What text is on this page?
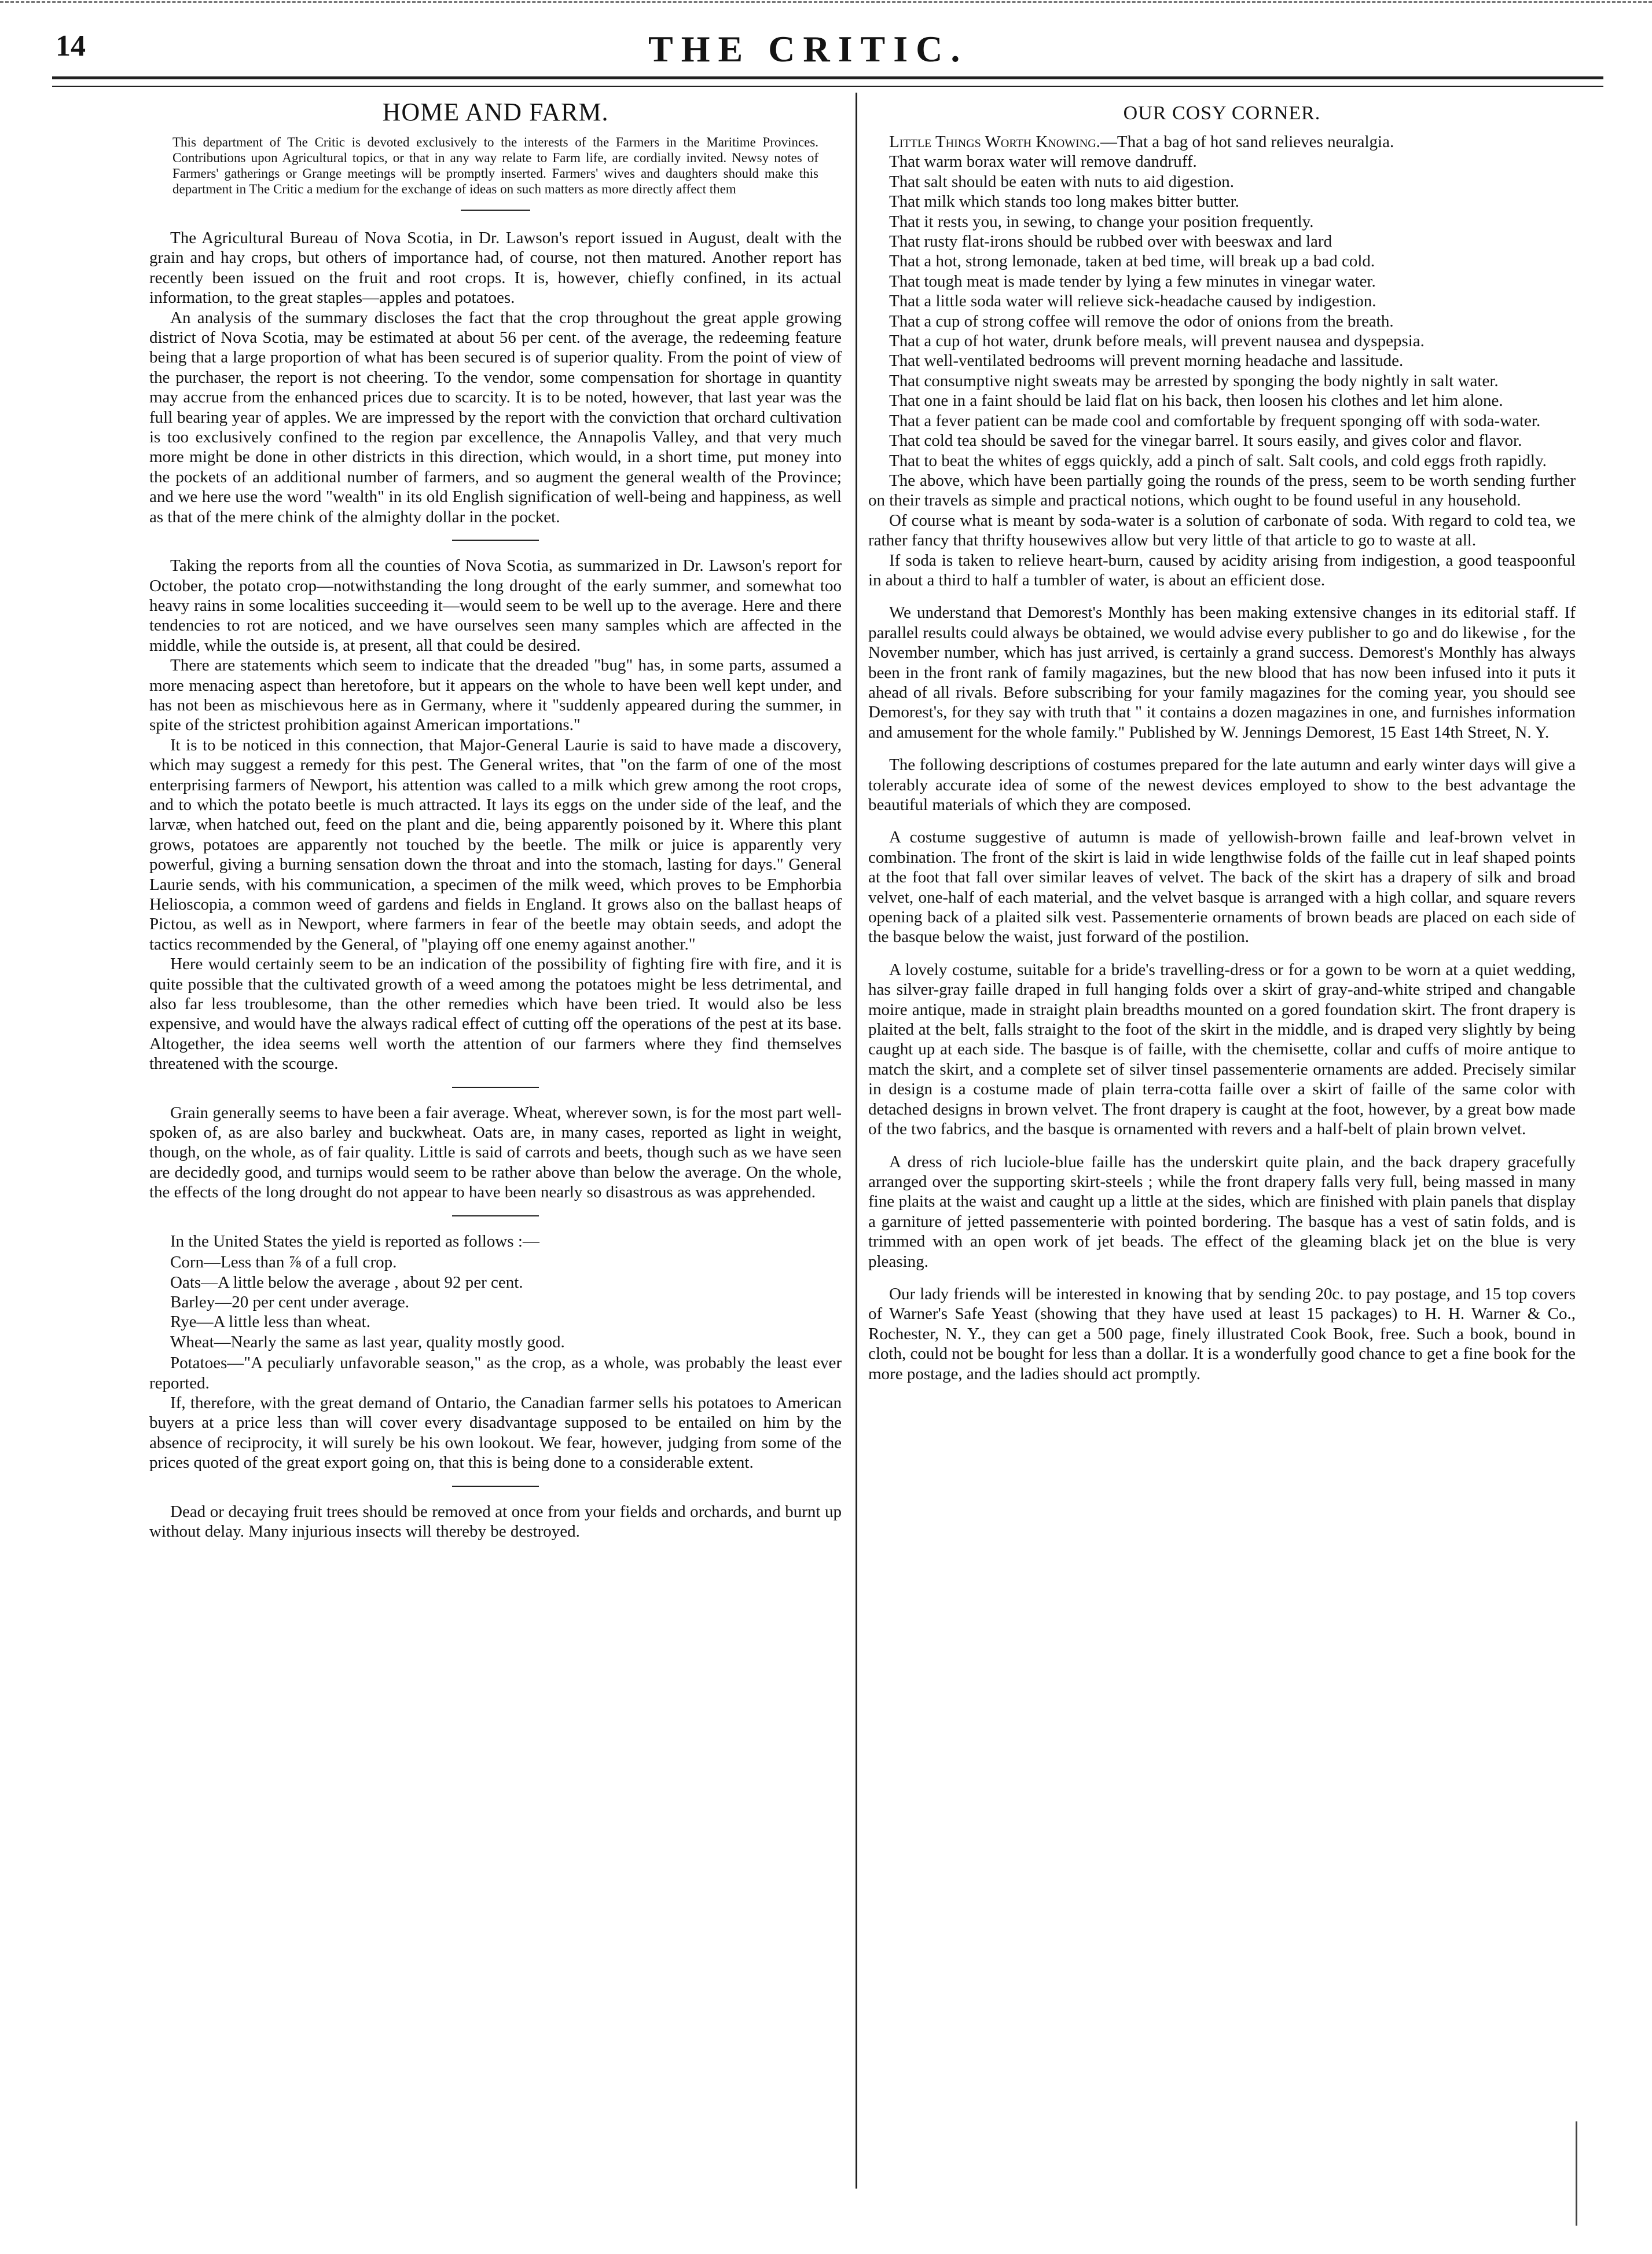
14	THE CRITIC.
HOME AND FARM.
This department of The Critic is devoted exclusively to the interests of the Farmers in the Maritime Provinces. Contributions upon Agricultural topics, or that in any way relate to Farm life, are cordially invited. Newsy notes of Farmers' gatherings or Grange meetings will be promptly inserted. Farmers' wives and daughters should make this department in The Critic a medium for the exchange of ideas on such matters as more directly affect them

The Agricultural Bureau of Nova Scotia, in Dr. Lawson's report issued in August, dealt with the grain and hay crops, but others of importance had, of course, not then matured. Another report has recently been issued on the fruit and root crops. It is, however, chiefly confined, in its actual information, to the great staples—apples and potatoes.

An analysis of the summary discloses the fact that the crop throughout the great apple growing district of Nova Scotia, may be estimated at about 56 per cent. of the average, the redeeming feature being that a large proportion of what has been secured is of superior quality. From the point of view of the purchaser, the report is not cheering. To the vendor, some compensation for shortage in quantity may accrue from the enhanced prices due to scarcity. It is to be noted, however, that last year was the full bearing year of apples. We are impressed by the report with the conviction that orchard cultivation is too exclusively confined to the region par excellence, the Annapolis Valley, and that very much more might be done in other districts in this direction, which would, in a short time, put money into the pockets of an additional number of farmers, and so augment the general wealth of the Province; and we here use the word "wealth" in its old English signification of well-being and happiness, as well as that of the mere chink of the almighty dollar in the pocket.

Taking the reports from all the counties of Nova Scotia, as summarized in Dr. Lawson's report for October, the potato crop—notwithstanding the long drought of the early summer, and somewhat too heavy rains in some localities succeeding it—would seem to be well up to the average. Here and there tendencies to rot are noticed, and we have ourselves seen many samples which are affected in the middle, while the outside is, at present, all that could be desired.

There are statements which seem to indicate that the dreaded "bug" has, in some parts, assumed a more menacing aspect than heretofore, but it appears on the whole to have been well kept under, and has not been as mischievous here as in Germany, where it "suddenly appeared during the summer, in spite of the strictest prohibition against American importations."

It is to be noticed in this connection, that Major-General Laurie is said to have made a discovery, which may suggest a remedy for this pest. The General writes, that "on the farm of one of the most enterprising farmers of Newport, his attention was called to a milk which grew among the root crops, and to which the potato beetle is much attracted. It lays its eggs on the under side of the leaf, and the larvæ, when hatched out, feed on the plant and die, being apparently poisoned by it. Where this plant grows, potatoes are apparently not touched by the beetle. The milk or juice is apparently very powerful, giving a burning sensation down the throat and into the stomach, lasting for days." General Laurie sends, with his communication, a specimen of the milk weed, which proves to be Emphorbia Helioscopia, a common weed of gardens and fields in England. It grows also on the ballast heaps of Pictou, as well as in Newport, where farmers in fear of the beetle may obtain seeds, and adopt the tactics recommended by the General, of "playing off one enemy against another."

Here would certainly seem to be an indication of the possibility of fighting fire with fire, and it is quite possible that the cultivated growth of a weed among the potatoes might be less detrimental, and also far less troublesome, than the other remedies which have been tried. It would also be less expensive, and would have the always radical effect of cutting off the operations of the pest at its base. Altogether, the idea seems well worth the attention of our farmers where they find themselves threatened with the scourge.

Grain generally seems to have been a fair average. Wheat, wherever sown, is for the most part well-spoken of, as are also barley and buckwheat. Oats are, in many cases, reported as light in weight, though, on the whole, as of fair quality. Little is said of carrots and beets, though such as we have seen are decidedly good, and turnips would seem to be rather above than below the average. On the whole, the effects of the long drought do not appear to have been nearly so disastrous as was apprehended.

In the United States the yield is reported as follows :—

Corn—Less than ⅞ of a full crop.
Oats—A little below the average , about 92 per cent.
Barley—20 per cent under average.
Rye—A little less than wheat.
Wheat—Nearly the same as last year, quality mostly good.

Potatoes—"A peculiarly unfavorable season," as the crop, as a whole, was probably the least ever reported.

If, therefore, with the great demand of Ontario, the Canadian farmer sells his potatoes to American buyers at a price less than will cover every disadvantage supposed to be entailed on him by the absence of reciprocity, it will surely be his own lookout. We fear, however, judging from some of the prices quoted of the great export going on, that this is being done to a considerable extent.

Dead or decaying fruit trees should be removed at once from your fields and orchards, and burnt up without delay. Many injurious insects will thereby be destroyed.

OUR COSY CORNER.

Little Things Worth Knowing.—That a bag of hot sand relieves neuralgia.

That warm borax water will remove dandruff.

That salt should be eaten with nuts to aid digestion.

That milk which stands too long makes bitter butter.

That it rests you, in sewing, to change your position frequently.

That rusty flat-irons should be rubbed over with beeswax and lard

That a hot, strong lemonade, taken at bed time, will break up a bad cold.

That tough meat is made tender by lying a few minutes in vinegar water.

That a little soda water will relieve sick-headache caused by indigestion.

That a cup of strong coffee will remove the odor of onions from the breath.

That a cup of hot water, drunk before meals, will prevent nausea and dyspepsia.

That well-ventilated bedrooms will prevent morning headache and lassitude.

That consumptive night sweats may be arrested by sponging the body nightly in salt water.

That one in a faint should be laid flat on his back, then loosen his clothes and let him alone.

That a fever patient can be made cool and comfortable by frequent sponging off with soda-water.

That cold tea should be saved for the vinegar barrel. It sours easily, and gives color and flavor.

That to beat the whites of eggs quickly, add a pinch of salt. Salt cools, and cold eggs froth rapidly.

The above, which have been partially going the rounds of the press, seem to be worth sending further on their travels as simple and practical notions, which ought to be found useful in any household.

Of course what is meant by soda-water is a solution of carbonate of soda. With regard to cold tea, we rather fancy that thrifty housewives allow but very little of that article to go to waste at all.

If soda is taken to relieve heart-burn, caused by acidity arising from indigestion, a good teaspoonful in about a third to half a tumbler of water, is about an efficient dose.

We understand that Demorest's Monthly has been making extensive changes in its editorial staff. If parallel results could always be obtained, we would advise every publisher to go and do likewise , for the November number, which has just arrived, is certainly a grand success. Demorest's Monthly has always been in the front rank of family magazines, but the new blood that has now been infused into it puts it ahead of all rivals. Before subscribing for your family magazines for the coming year, you should see Demorest's, for they say with truth that " it contains a dozen magazines in one, and furnishes information and amusement for the whole family." Published by W. Jennings Demorest, 15 East 14th Street, N. Y.

The following descriptions of costumes prepared for the late autumn and early winter days will give a tolerably accurate idea of some of the newest devices employed to show to the best advantage the beautiful materials of which they are composed.

A costume suggestive of autumn is made of yellowish-brown faille and leaf-brown velvet in combination. The front of the skirt is laid in wide lengthwise folds of the faille cut in leaf shaped points at the foot that fall over similar leaves of velvet. The back of the skirt has a drapery of silk and broad velvet, one-half of each material, and the velvet basque is arranged with a high collar, and square revers opening back of a plaited silk vest. Passementerie ornaments of brown beads are placed on each side of the basque below the waist, just forward of the postilion.

A lovely costume, suitable for a bride's travelling-dress or for a gown to be worn at a quiet wedding, has silver-gray faille draped in full hanging folds over a skirt of gray-and-white striped and changable moire antique, made in straight plain breadths mounted on a gored foundation skirt. The front drapery is plaited at the belt, falls straight to the foot of the skirt in the middle, and is draped very slightly by being caught up at each side. The basque is of faille, with the chemisette, collar and cuffs of moire antique to match the skirt, and a complete set of silver tinsel passementerie ornaments are added. Precisely similar in design is a costume made of plain terra-cotta faille over a skirt of faille of the same color with detached designs in brown velvet. The front drapery is caught at the foot, however, by a great bow made of the two fabrics, and the basque is ornamented with revers and a half-belt of plain brown velvet.

A dress of rich luciole-blue faille has the underskirt quite plain, and the back drapery gracefully arranged over the supporting skirt-steels ; while the front drapery falls very full, being massed in many fine plaits at the waist and caught up a little at the sides, which are finished with plain panels that display a garniture of jetted passementerie with pointed bordering. The basque has a vest of satin folds, and is trimmed with an open work of jet beads. The effect of the gleaming black jet on the blue is very pleasing.

Our lady friends will be interested in knowing that by sending 20c. to pay postage, and 15 top covers of Warner's Safe Yeast (showing that they have used at least 15 packages) to H. H. Warner & Co., Rochester, N. Y., they can get a 500 page, finely illustrated Cook Book, free. Such a book, bound in cloth, could not be bought for less than a dollar. It is a wonderfully good chance to get a fine book for the more postage, and the ladies should act promptly.
